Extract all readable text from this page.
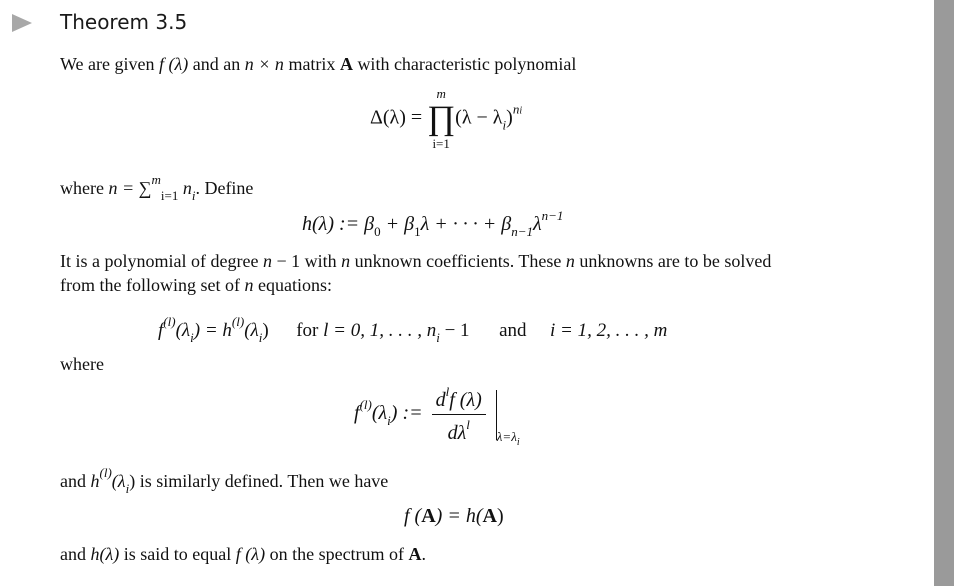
Theorem 3.5
We are given f (λ) and an n × n matrix A with characteristic polynomial
Δ(λ) =
m
∏
i=1
$(\lambda - \lambda_i)^{ni}$
where n = ∑$^m_{i=1}$ $n_i$. Define
h(λ) := $\beta_0 + \beta_1\lambda$ + · · · + $\beta_{n-1}\lambda^{n-1}$
It is a polynomial of degree n − 1 with n unknown coefficients. These n unknowns are to be solved
from the following set of n equations:
$f^{(l)}(\lambda_i) = h^{(l)}(\lambda_i)$ for l = 0, 1, . . . , $n_i - 1$ and i = 1, 2, . . . , m
where
$f^{(l)}(\lambda_i)$ := $\frac{d^lf (\lambda)}{d\lambda^l} _{\lambda=\lambda i}$
and $h^{(l)}(\lambda_i)$ is similarly defined. Then we have
f (A) = h(A)
and h(λ) is said to equal f (λ) on the spectrum of A.
